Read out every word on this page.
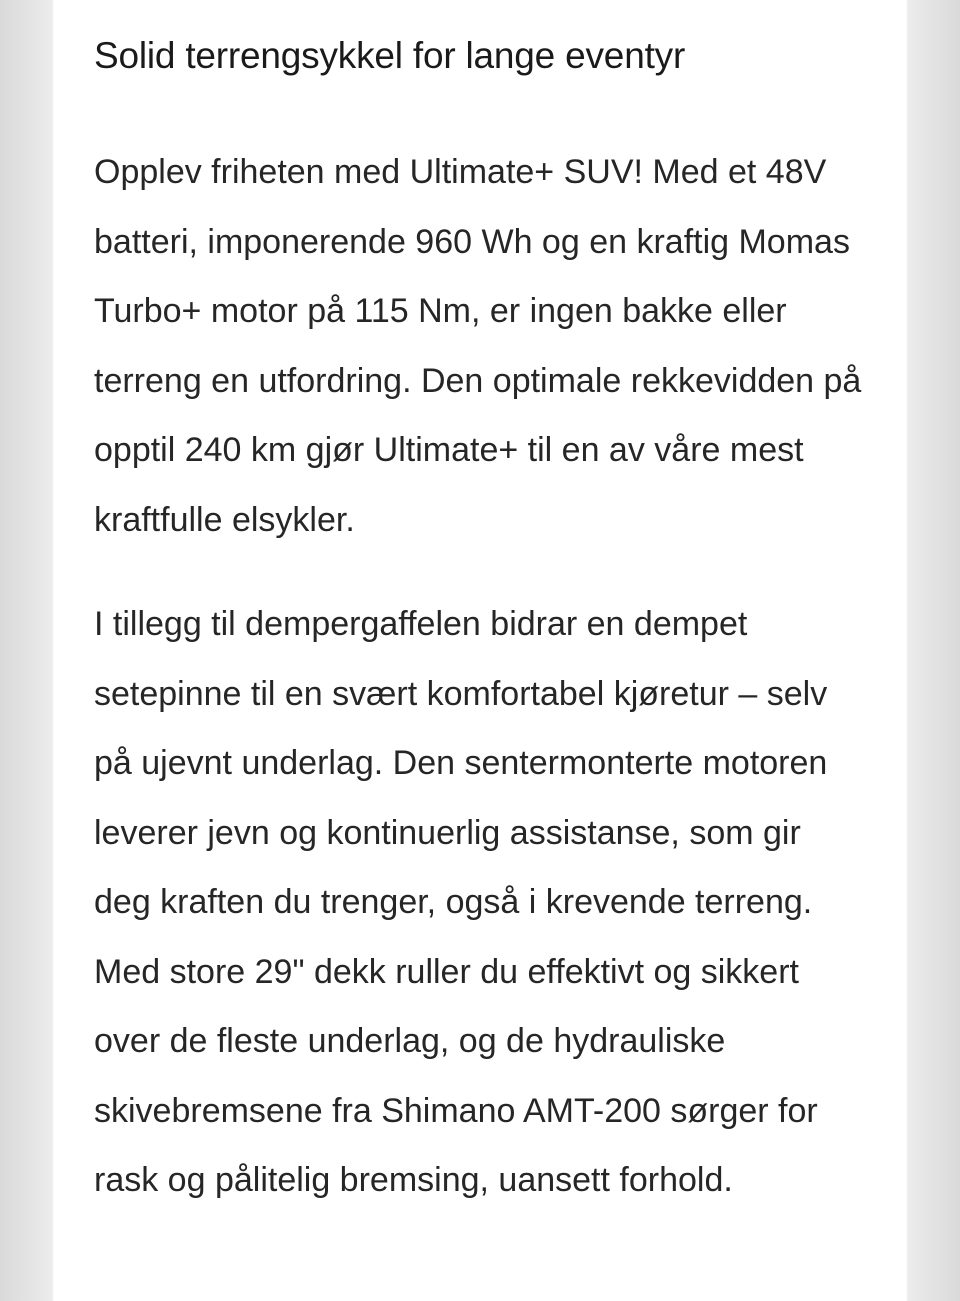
Solid terrengsykkel for lange eventyr

Opplev friheten med Ultimate+ SUV! Med et 48V batteri, imponerende 960 Wh og en kraftig Momas Turbo+ motor på 115 Nm, er ingen bakke eller terreng en utfordring. Den optimale rekkevidden på opptil 240 km gjør Ultimate+ til en av våre mest kraftfulle elsykler.

I tillegg til dempergaffelen bidrar en dempet setepinne til en svært komfortabel kjøretur – selv på ujevnt underlag. Den sentermonterte motoren leverer jevn og kontinuerlig assistanse, som gir deg kraften du trenger, også i krevende terreng. Med store 29" dekk ruller du effektivt og sikkert over de fleste underlag, og de hydrauliske skivebremsene fra Shimano AMT-200 sørger for rask og pålitelig bremsing, uansett forhold.
